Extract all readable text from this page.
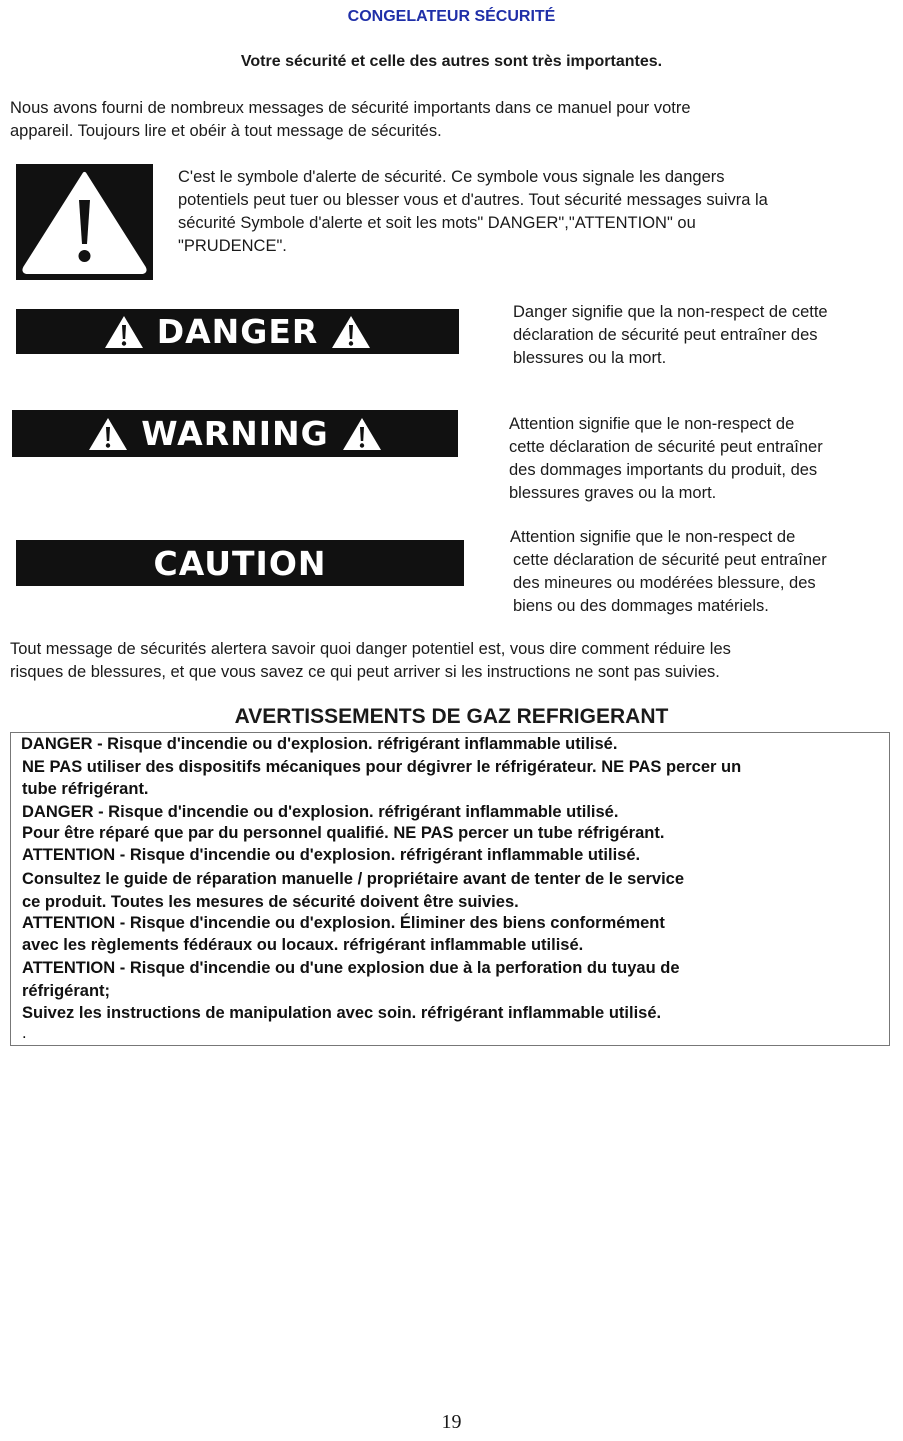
CONGELATEUR SÉCURITÉ
Votre sécurité et celle des autres sont très importantes.
Nous avons fourni de nombreux messages de sécurité importants dans ce manuel pour votre
appareil. Toujours lire et obéir à tout message de sécurités.
C'est le symbole d'alerte de sécurité. Ce symbole vous signale les dangers
potentiels peut tuer ou blesser vous et d'autres. Tout sécurité messages suivra la
sécurité Symbole d'alerte et soit les mots" DANGER","ATTENTION" ou
"PRUDENCE".
DANGER	Danger signifie que la non-respect de cette
déclaration de sécurité peut entraîner des
blessures ou la mort.
WARNING	Attention signifie que le non-respect de
cette déclaration de sécurité peut entraîner
des dommages importants du produit, des
blessures graves ou la mort.
CAUTION
Attention signifie que le non-respect de
cette déclaration de sécurité peut entraîner
des mineures ou modérées blessure, des
biens ou des dommages matériels.
Tout message de sécurités alertera savoir quoi danger potentiel est, vous dire comment réduire les
risques de blessures, et que vous savez ce qui peut arriver si les instructions ne sont pas suivies.
AVERTISSEMENTS DE GAZ REFRIGERANT
DANGER - Risque d'incendie ou d'explosion. réfrigérant inflammable utilisé.
NE PAS utiliser des dispositifs mécaniques pour dégivrer le réfrigérateur. NE PAS percer un
tube réfrigérant.
DANGER - Risque d'incendie ou d'explosion. réfrigérant inflammable utilisé.
Pour être réparé que par du personnel qualifié. NE PAS percer un tube réfrigérant.
ATTENTION - Risque d'incendie ou d'explosion. réfrigérant inflammable utilisé.
Consultez le guide de réparation manuelle / propriétaire avant de tenter de le service
ce produit. Toutes les mesures de sécurité doivent être suivies.
ATTENTION - Risque d'incendie ou d'explosion. Éliminer des biens conformément
avec les règlements fédéraux ou locaux. réfrigérant inflammable utilisé.
ATTENTION - Risque d'incendie ou d'une explosion due à la perforation du tuyau de
réfrigérant;
Suivez les instructions de manipulation avec soin. réfrigérant inflammable utilisé.
.
19
